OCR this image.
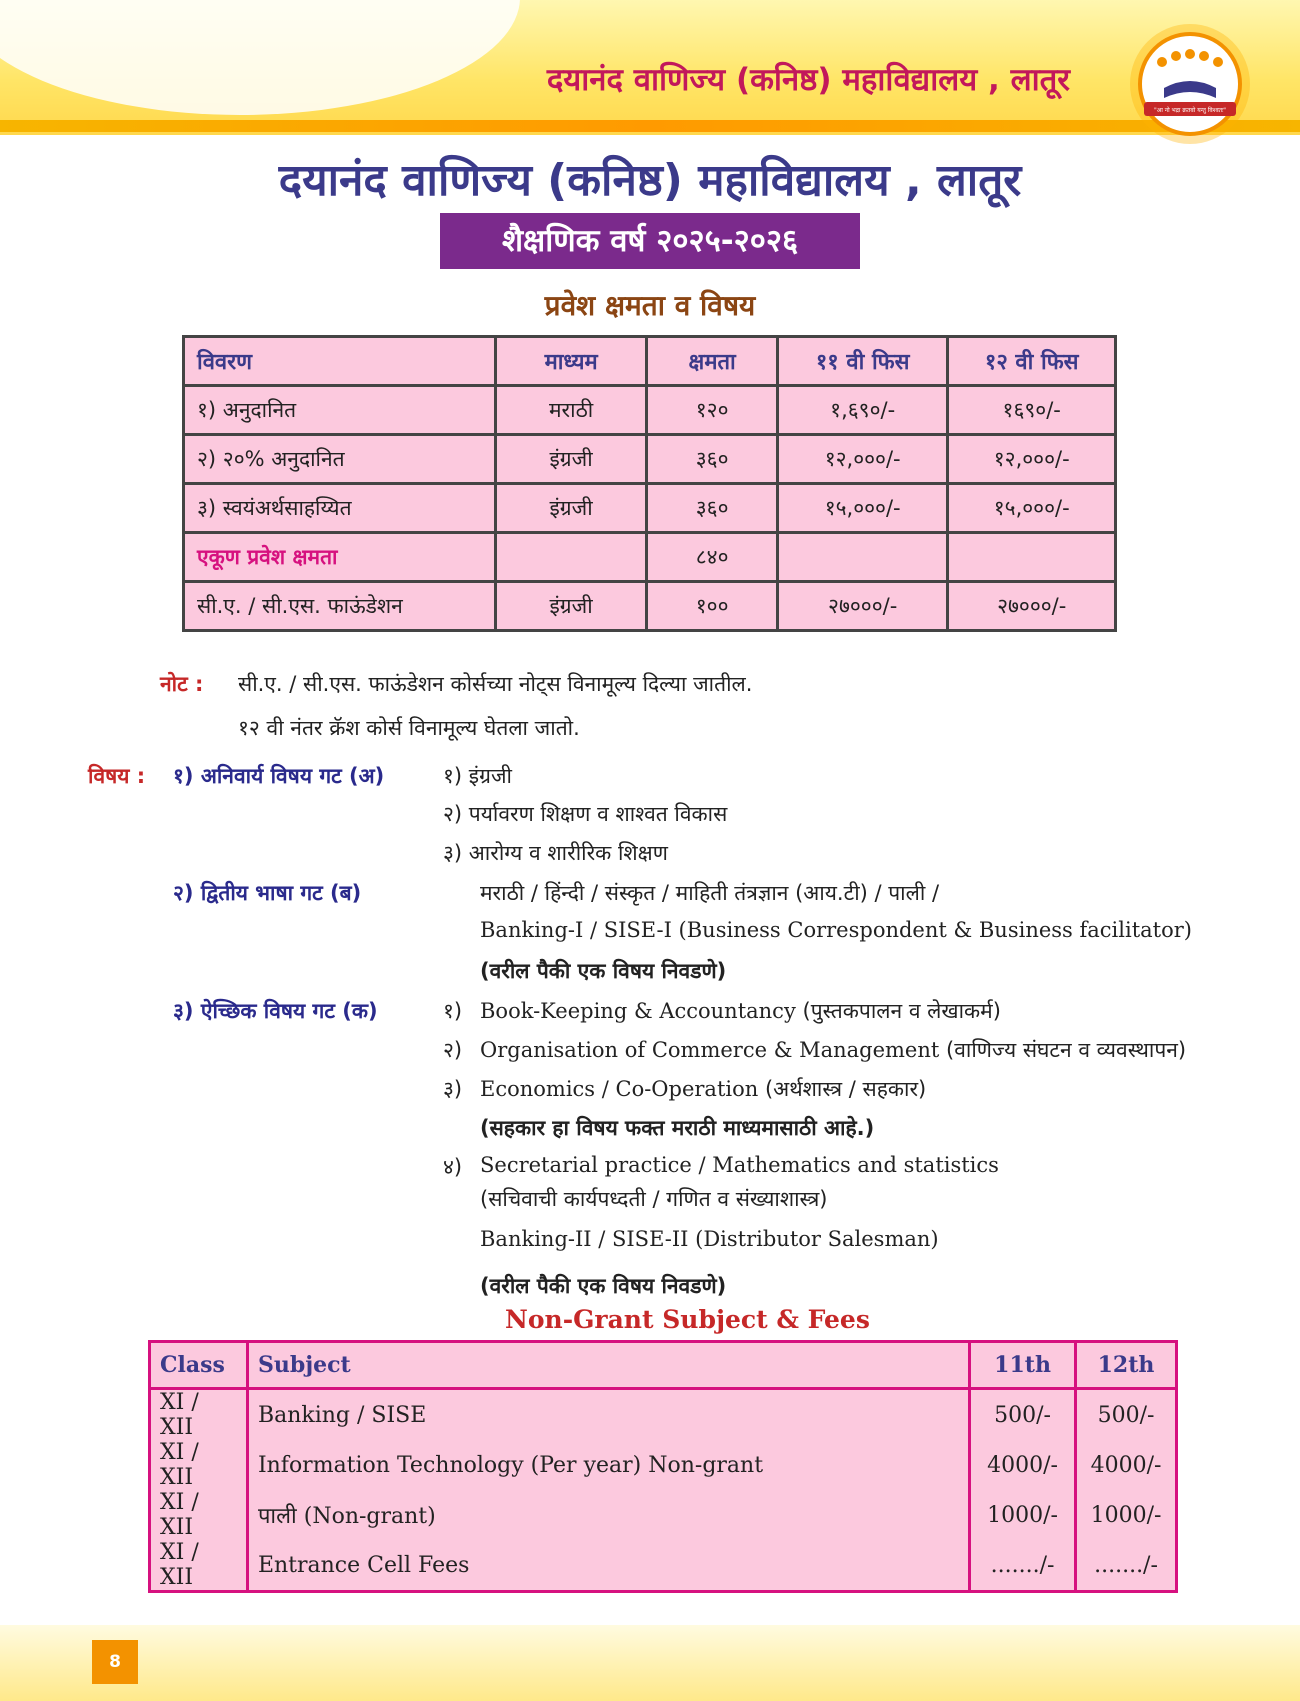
दयानंद वाणिज्य (कनिष्ठ) महाविद्यालय , लातूर
"आ नो भद्रा क्रतवो यन्तु विश्वतः"
दयानंद वाणिज्य (कनिष्ठ) महाविद्यालय , लातूर
शैक्षणिक वर्ष २०२५-२०२६
प्रवेश क्षमता व विषय
विवरण	माध्यम	क्षमता	११ वी फिस	१२ वी फिस
१) अनुदानित	मराठी	१२०	१,६९०/-	१६९०/-
२) २०% अनुदानित	इंग्रजी	३६०	१२,०००/-	१२,०००/-
३) स्वयंअर्थसाहय्यित	इंग्रजी	३६०	१५,०००/-	१५,०००/-
एकूण प्रवेश क्षमता		८४०		
सी.ए. / सी.एस. फाऊंडेशन	इंग्रजी	१००	२७०००/-	२७०००/-
नोट : सी.ए. / सी.एस. फाऊंडेशन कोर्सच्या नोट्स विनामूल्य दिल्या जातील.
१२ वी नंतर क्रॅश कोर्स विनामूल्य घेतला जातो.
विषय : १) अनिवार्य विषय गट (अ)	१) इंग्रजी
२) पर्यावरण शिक्षण व शाश्वत विकास
३) आरोग्य व शारीरिक शिक्षण
२) द्वितीय भाषा गट (ब)	मराठी / हिंन्दी / संस्कृत / माहिती तंत्रज्ञान (आय.टी) / पाली /
Banking-I / SISE-I (Business Correspondent & Business facilitator)
(वरील पैकी एक विषय निवडणे)
३) ऐच्छिक विषय गट (क)	१) Book-Keeping & Accountancy (पुस्तकपालन व लेखाकर्म)
२) Organisation of Commerce & Management (वाणिज्य संघटन व व्यवस्थापन)
३) Economics / Co-Operation (अर्थशास्त्र / सहकार)
(सहकार हा विषय फक्त मराठी माध्यमासाठी आहे.)
४) Secretarial practice / Mathematics and statistics
(सचिवाची कार्यपध्दती / गणित व संख्याशास्त्र)
Banking-II / SISE-II (Distributor Salesman)
(वरील पैकी एक विषय निवडणे)
Non-Grant Subject & Fees
Class	Subject	11th	12th
XI / XII	Banking / SISE	500/-	500/-
XI / XII	Information Technology (Per year) Non-grant	4000/-	4000/-
XI / XII	पाली (Non-grant)	1000/-	1000/-
XI / XII	Entrance Cell Fees	......./-	......./-
8
